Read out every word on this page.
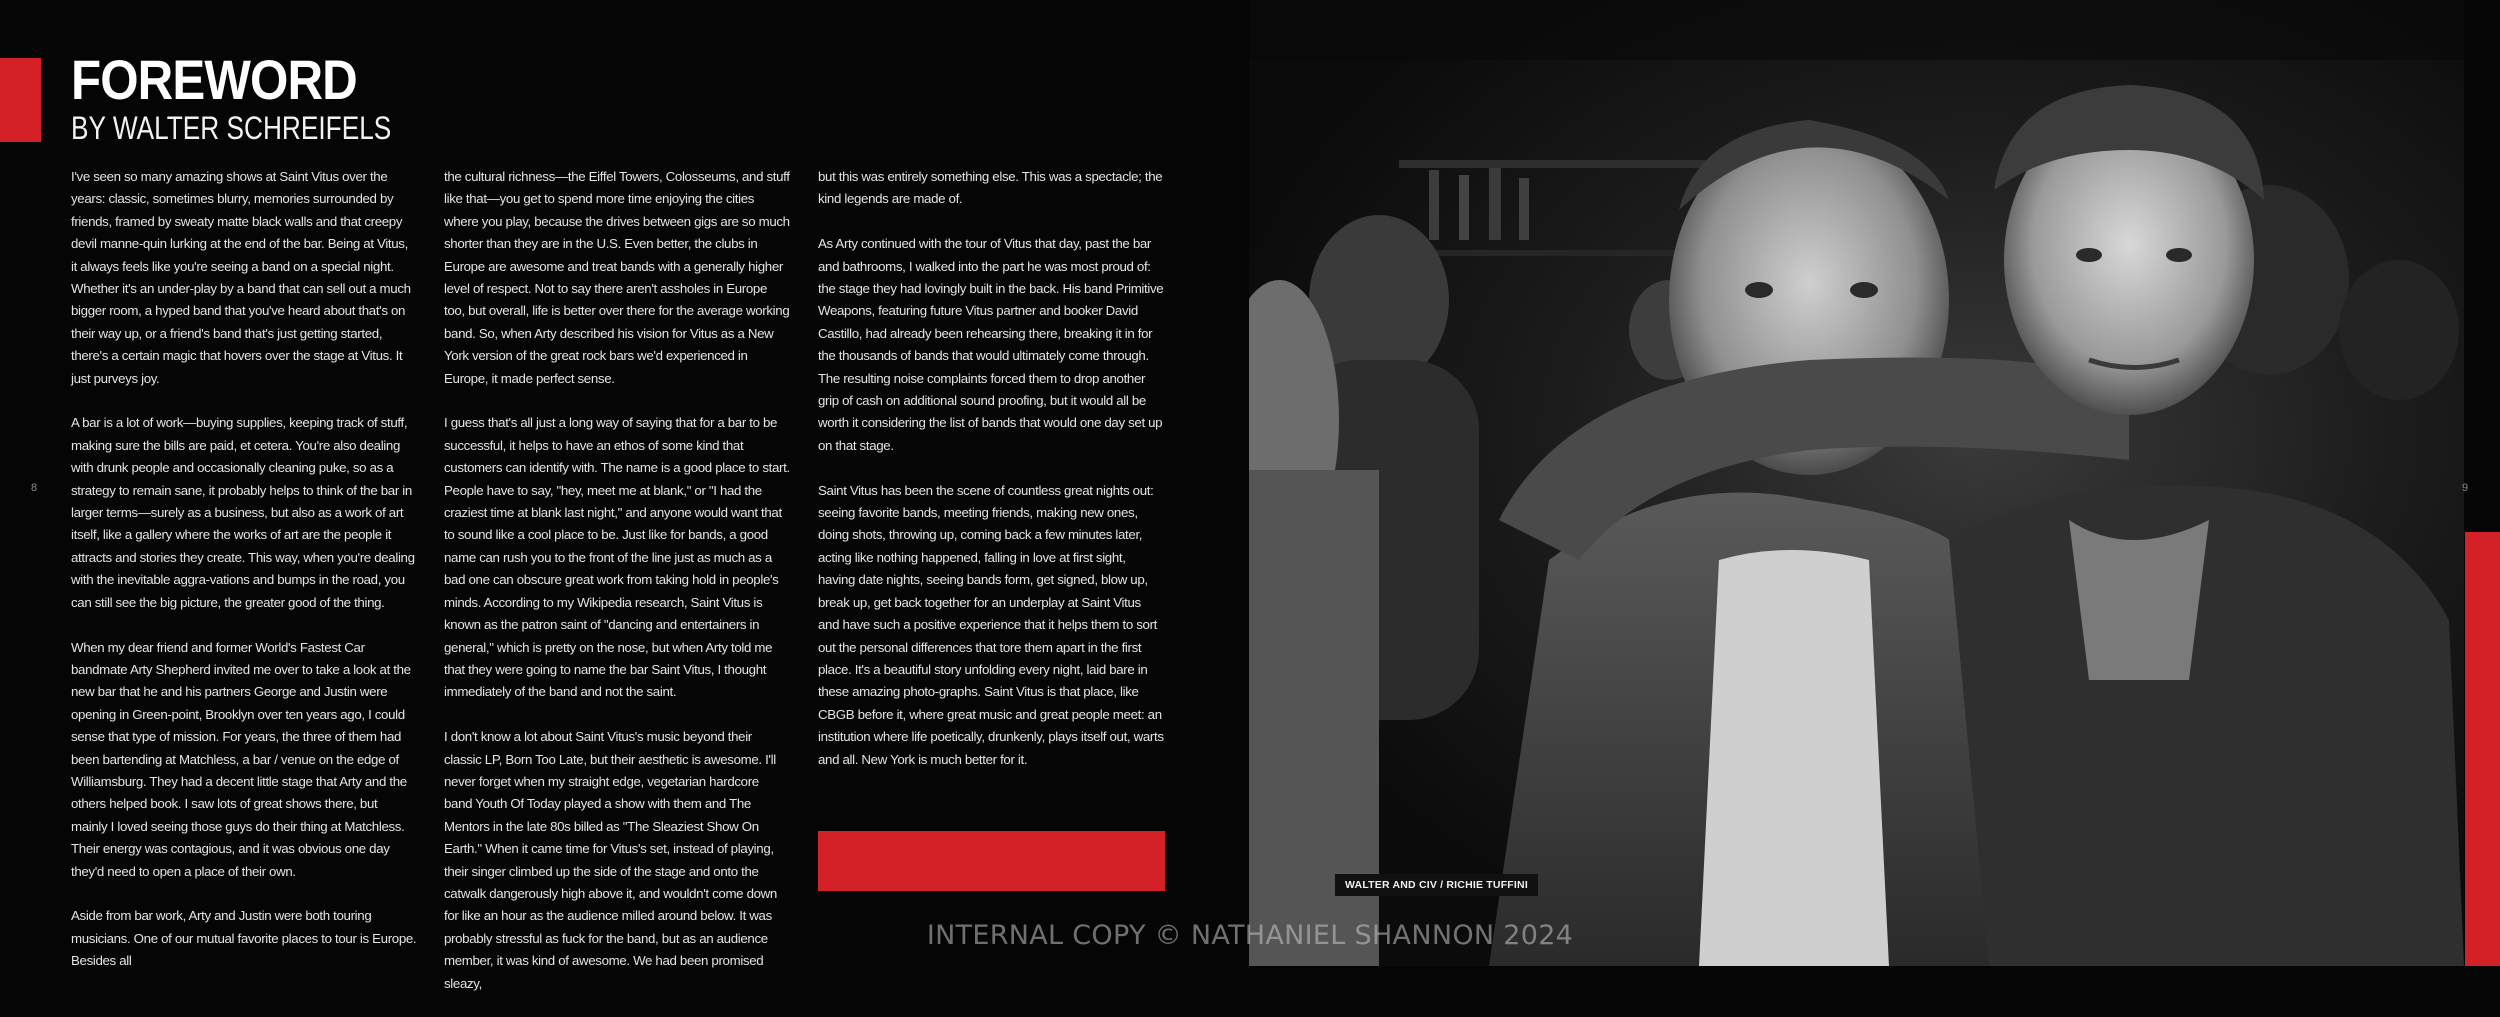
FOREWORD
BY WALTER SCHREIFELS

I've seen so many amazing shows at Saint Vitus over the years: classic, sometimes blurry, memories surrounded by friends, framed by sweaty matte black walls and that creepy devil manne-quin lurking at the end of the bar. Being at Vitus, it always feels like you're seeing a band on a special night. Whether it's an under-play by a band that can sell out a much bigger room, a hyped band that you've heard about that's on their way up, or a friend's band that's just getting started, there's a certain magic that hovers over the stage at Vitus. It just purveys joy.

A bar is a lot of work—buying supplies, keeping track of stuff, making sure the bills are paid, et cetera. You're also dealing with drunk people and occasionally cleaning puke, so as a strategy to remain sane, it probably helps to think of the bar in larger terms—surely as a business, but also as a work of art itself, like a gallery where the works of art are the people it attracts and stories they create. This way, when you're dealing with the inevitable aggra-vations and bumps in the road, you can still see the big picture, the greater good of the thing.

When my dear friend and former World's Fastest Car bandmate Arty Shepherd invited me over to take a look at the new bar that he and his partners George and Justin were opening in Green-point, Brooklyn over ten years ago, I could sense that type of mission. For years, the three of them had been bartending at Matchless, a bar / venue on the edge of Williamsburg. They had a decent little stage that Arty and the others helped book. I saw lots of great shows there, but mainly I loved seeing those guys do their thing at Matchless. Their energy was contagious, and it was obvious one day they'd need to open a place of their own.

Aside from bar work, Arty and Justin were both touring musicians. One of our mutual favorite places to tour is Europe. Besides all

the cultural richness—the Eiffel Towers, Colosseums, and stuff like that—you get to spend more time enjoying the cities where you play, because the drives between gigs are so much shorter than they are in the U.S. Even better, the clubs in Europe are awesome and treat bands with a generally higher level of respect. Not to say there aren't assholes in Europe too, but overall, life is better over there for the average working band. So, when Arty described his vision for Vitus as a New York version of the great rock bars we'd experienced in Europe, it made perfect sense.

I guess that's all just a long way of saying that for a bar to be successful, it helps to have an ethos of some kind that customers can identify with. The name is a good place to start. People have to say, "hey, meet me at blank," or "I had the craziest time at blank last night," and anyone would want that to sound like a cool place to be. Just like for bands, a good name can rush you to the front of the line just as much as a bad one can obscure great work from taking hold in people's minds. According to my Wikipedia research, Saint Vitus is known as the patron saint of "dancing and entertainers in general," which is pretty on the nose, but when Arty told me that they were going to name the bar Saint Vitus, I thought immediately of the band and not the saint.

I don't know a lot about Saint Vitus's music beyond their classic LP, Born Too Late, but their aesthetic is awesome. I'll never forget when my straight edge, vegetarian hardcore band Youth Of Today played a show with them and The Mentors in the late 80s billed as "The Sleaziest Show On Earth." When it came time for Vitus's set, instead of playing, their singer climbed up the side of the stage and onto the catwalk dangerously high above it, and wouldn't come down for like an hour as the audience milled around below. It was probably stressful as fuck for the band, but as an audience member, it was kind of awesome. We had been promised sleazy,

but this was entirely something else. This was a spectacle; the kind legends are made of.

As Arty continued with the tour of Vitus that day, past the bar and bathrooms, I walked into the part he was most proud of: the stage they had lovingly built in the back. His band Primitive Weapons, featuring future Vitus partner and booker David Castillo, had already been rehearsing there, breaking it in for the thousands of bands that would ultimately come through. The resulting noise complaints forced them to drop another grip of cash on additional sound proofing, but it would all be worth it considering the list of bands that would one day set up on that stage.

Saint Vitus has been the scene of countless great nights out: seeing favorite bands, meeting friends, making new ones, doing shots, throwing up, coming back a few minutes later, acting like nothing happened, falling in love at first sight, having date nights, seeing bands form, get signed, blow up, break up, get back together for an underplay at Saint Vitus and have such a positive experience that it helps them to sort out the personal differences that tore them apart in the first place. It's a beautiful story unfolding every night, laid bare in these amazing photo-graphs. Saint Vitus is that place, like CBGB before it, where great music and great people meet: an institution where life poetically, drunkenly, plays itself out, warts and all. New York is much better for it.

8
WALTER AND CIV / RICHIE TUFFINI
9
INTERNAL COPY © NATHANIEL SHANNON 2024
